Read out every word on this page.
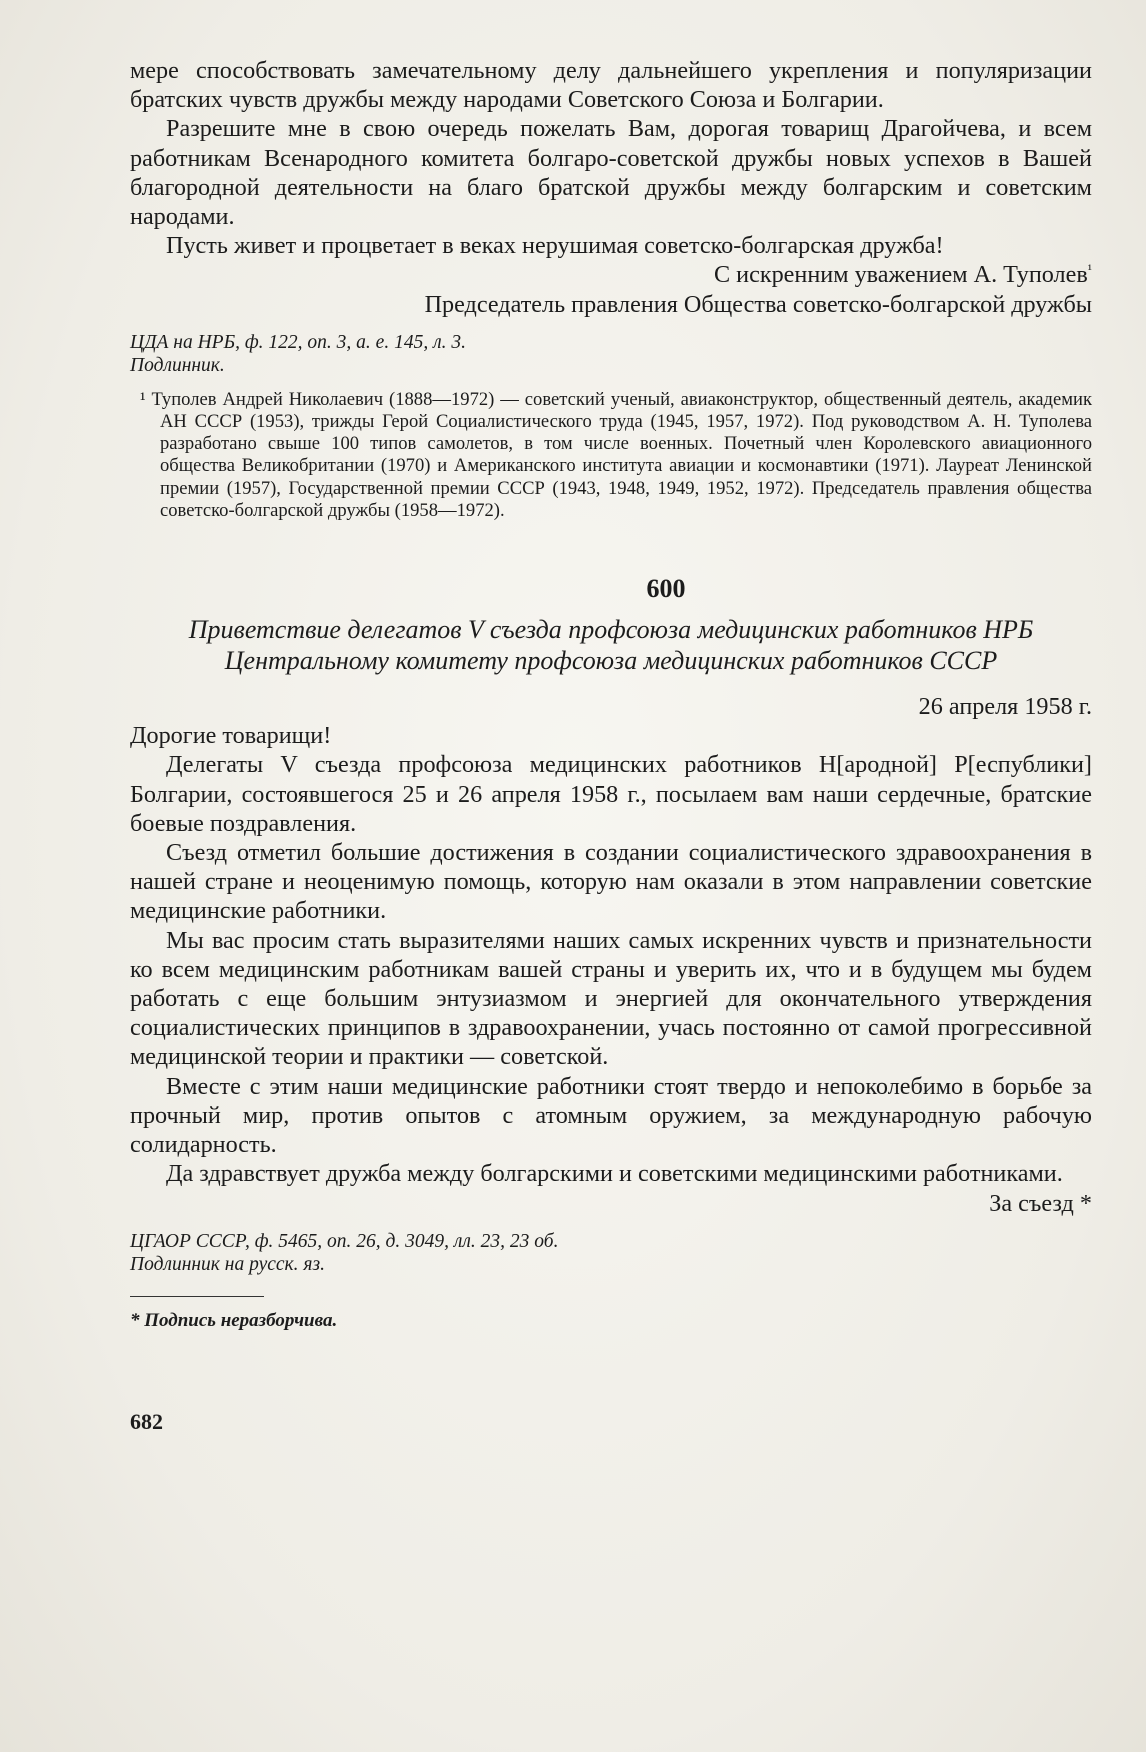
мере способствовать замечательному делу дальнейшего укрепления и популяризации братских чувств дружбы между народами Советского Союза и Болгарии.

Разрешите мне в свою очередь пожелать Вам, дорогая товарищ Драгойчева, и всем работникам Всенародного комитета болгаро-советской дружбы новых успехов в Вашей благородной деятельности на благо братской дружбы между болгарским и советским народами.

Пусть живет и процветает в веках нерушимая советско-болгарская дружба!

С искренним уважением А. Туполев$^{^1}$

Председатель правления Общества советско-болгарской дружбы

ЦДА на НРБ, ф. 122, оп. 3, а. е. 145, л. 3.

Подлинник.

¹ Туполев Андрей Николаевич (1888—1972) — советский ученый, авиаконструктор, общественный деятель, академик АН СССР (1953), трижды Герой Социалистического труда (1945, 1957, 1972). Под руководством А. Н. Туполева разработано свыше 100 типов самолетов, в том числе военных. Почетный член Королевского авиационного общества Великобритании (1970) и Американского института авиации и космонавтики (1971). Лауреат Ленинской премии (1957), Государственной премии СССР (1943, 1948, 1949, 1952, 1972). Председатель правления общества советско-болгарской дружбы (1958—1972).

600

Приветствие делегатов V съезда профсоюза медицинских работников НРБ Центральному комитету профсоюза медицинских работников СССР

26 апреля 1958 г.

Дорогие товарищи!

Делегаты V съезда профсоюза медицинских работников Н[ародной] Р[еспублики] Болгарии, состоявшегося 25 и 26 апреля 1958 г., посылаем вам наши сердечные, братские боевые поздравления.

Съезд отметил большие достижения в создании социалистического здравоохранения в нашей стране и неоценимую помощь, которую нам оказали в этом направлении советские медицинские работники.

Мы вас просим стать выразителями наших самых искренних чувств и признательности ко всем медицинским работникам вашей страны и уверить их, что и в будущем мы будем работать с еще большим энтузиазмом и энергией для окончательного утверждения социалистических принципов в здравоохранении, учась постоянно от самой прогрессивной медицинской теории и практики — советской.

Вместе с этим наши медицинские работники стоят твердо и непоколебимо в борьбе за прочный мир, против опытов с атомным оружием, за международную рабочую солидарность.

Да здравствует дружба между болгарскими и советскими медицинскими работниками.

За съезд *

ЦГАОР СССР, ф. 5465, оп. 26, д. 3049, лл. 23, 23 об.

Подлинник на русск. яз.

* Подпись неразборчива.

682
